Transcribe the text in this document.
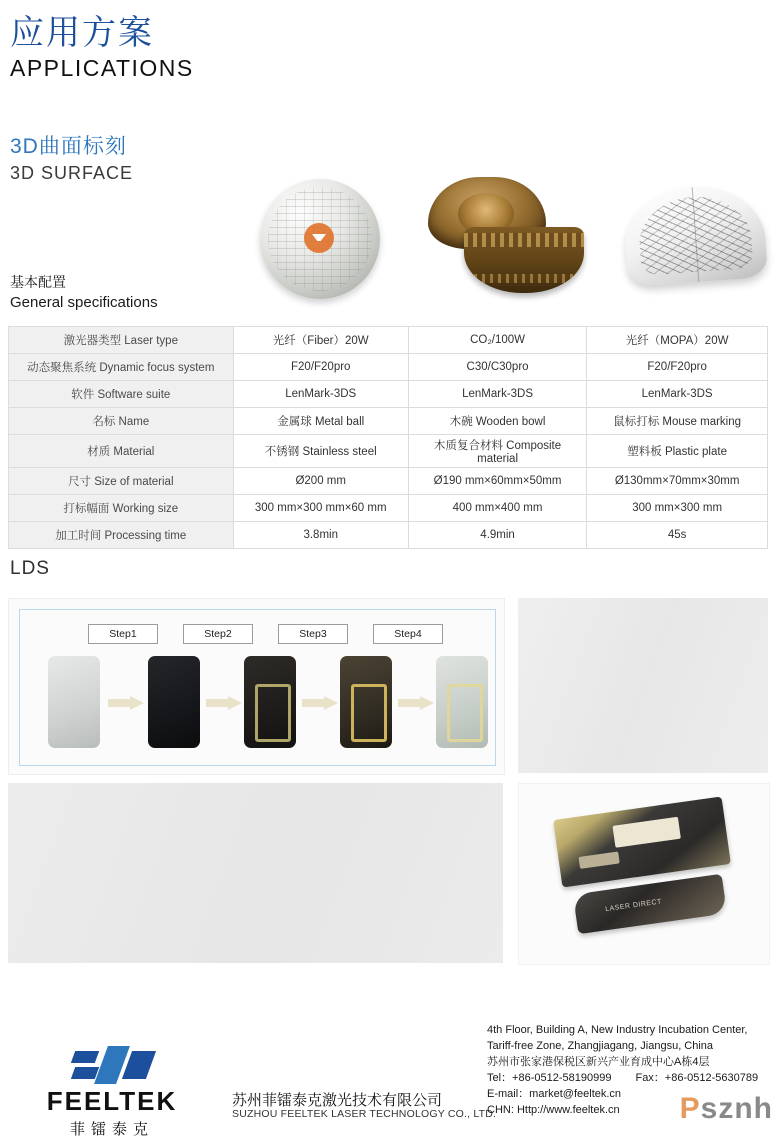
应用方案
APPLICATIONS
3D曲面标刻
3D SURFACE
基本配置
General specifications
激光器类型 Laser type	光纤（Fiber）20W	CO₂/100W	光纤（MOPA）20W
动态聚焦系统 Dynamic focus system	F20/F20pro	C30/C30pro	F20/F20pro
软件 Software suite	LenMark-3DS	LenMark-3DS	LenMark-3DS
名标 Name	金属球 Metal ball	木碗 Wooden bowl	鼠标打标 Mouse marking
材质 Material	不锈钢 Stainless steel	木质复合材料 Composite material	塑料板 Plastic plate
尺寸 Size of material	Ø200 mm	Ø190 mm×60mm×50mm	Ø130mm×70mm×30mm
打标幅面 Working size	300 mm×300 mm×60 mm	400 mm×400 mm	300 mm×300 mm
加工时间 Processing time	3.8min	4.9min	45s
LDS
Step1	Step2	Step3	Step4
LASER DIRECT
FEELTEK
菲镭泰克
苏州菲镭泰克激光技术有限公司
SUZHOU FEELTEK LASER TECHNOLOGY CO., LTD.
4th Floor, Building A, New Industry Incubation Center,
Tariff-free Zone, Zhangjiagang, Jiangsu, China
苏州市张家港保税区新兴产业育成中心A栋4层
Tel：+86-0512-58190999 Fax：+86-0512-5630789
E-mail：market@feeltek.cn
CHN: Http://www.feeltek.cn	Psznh
